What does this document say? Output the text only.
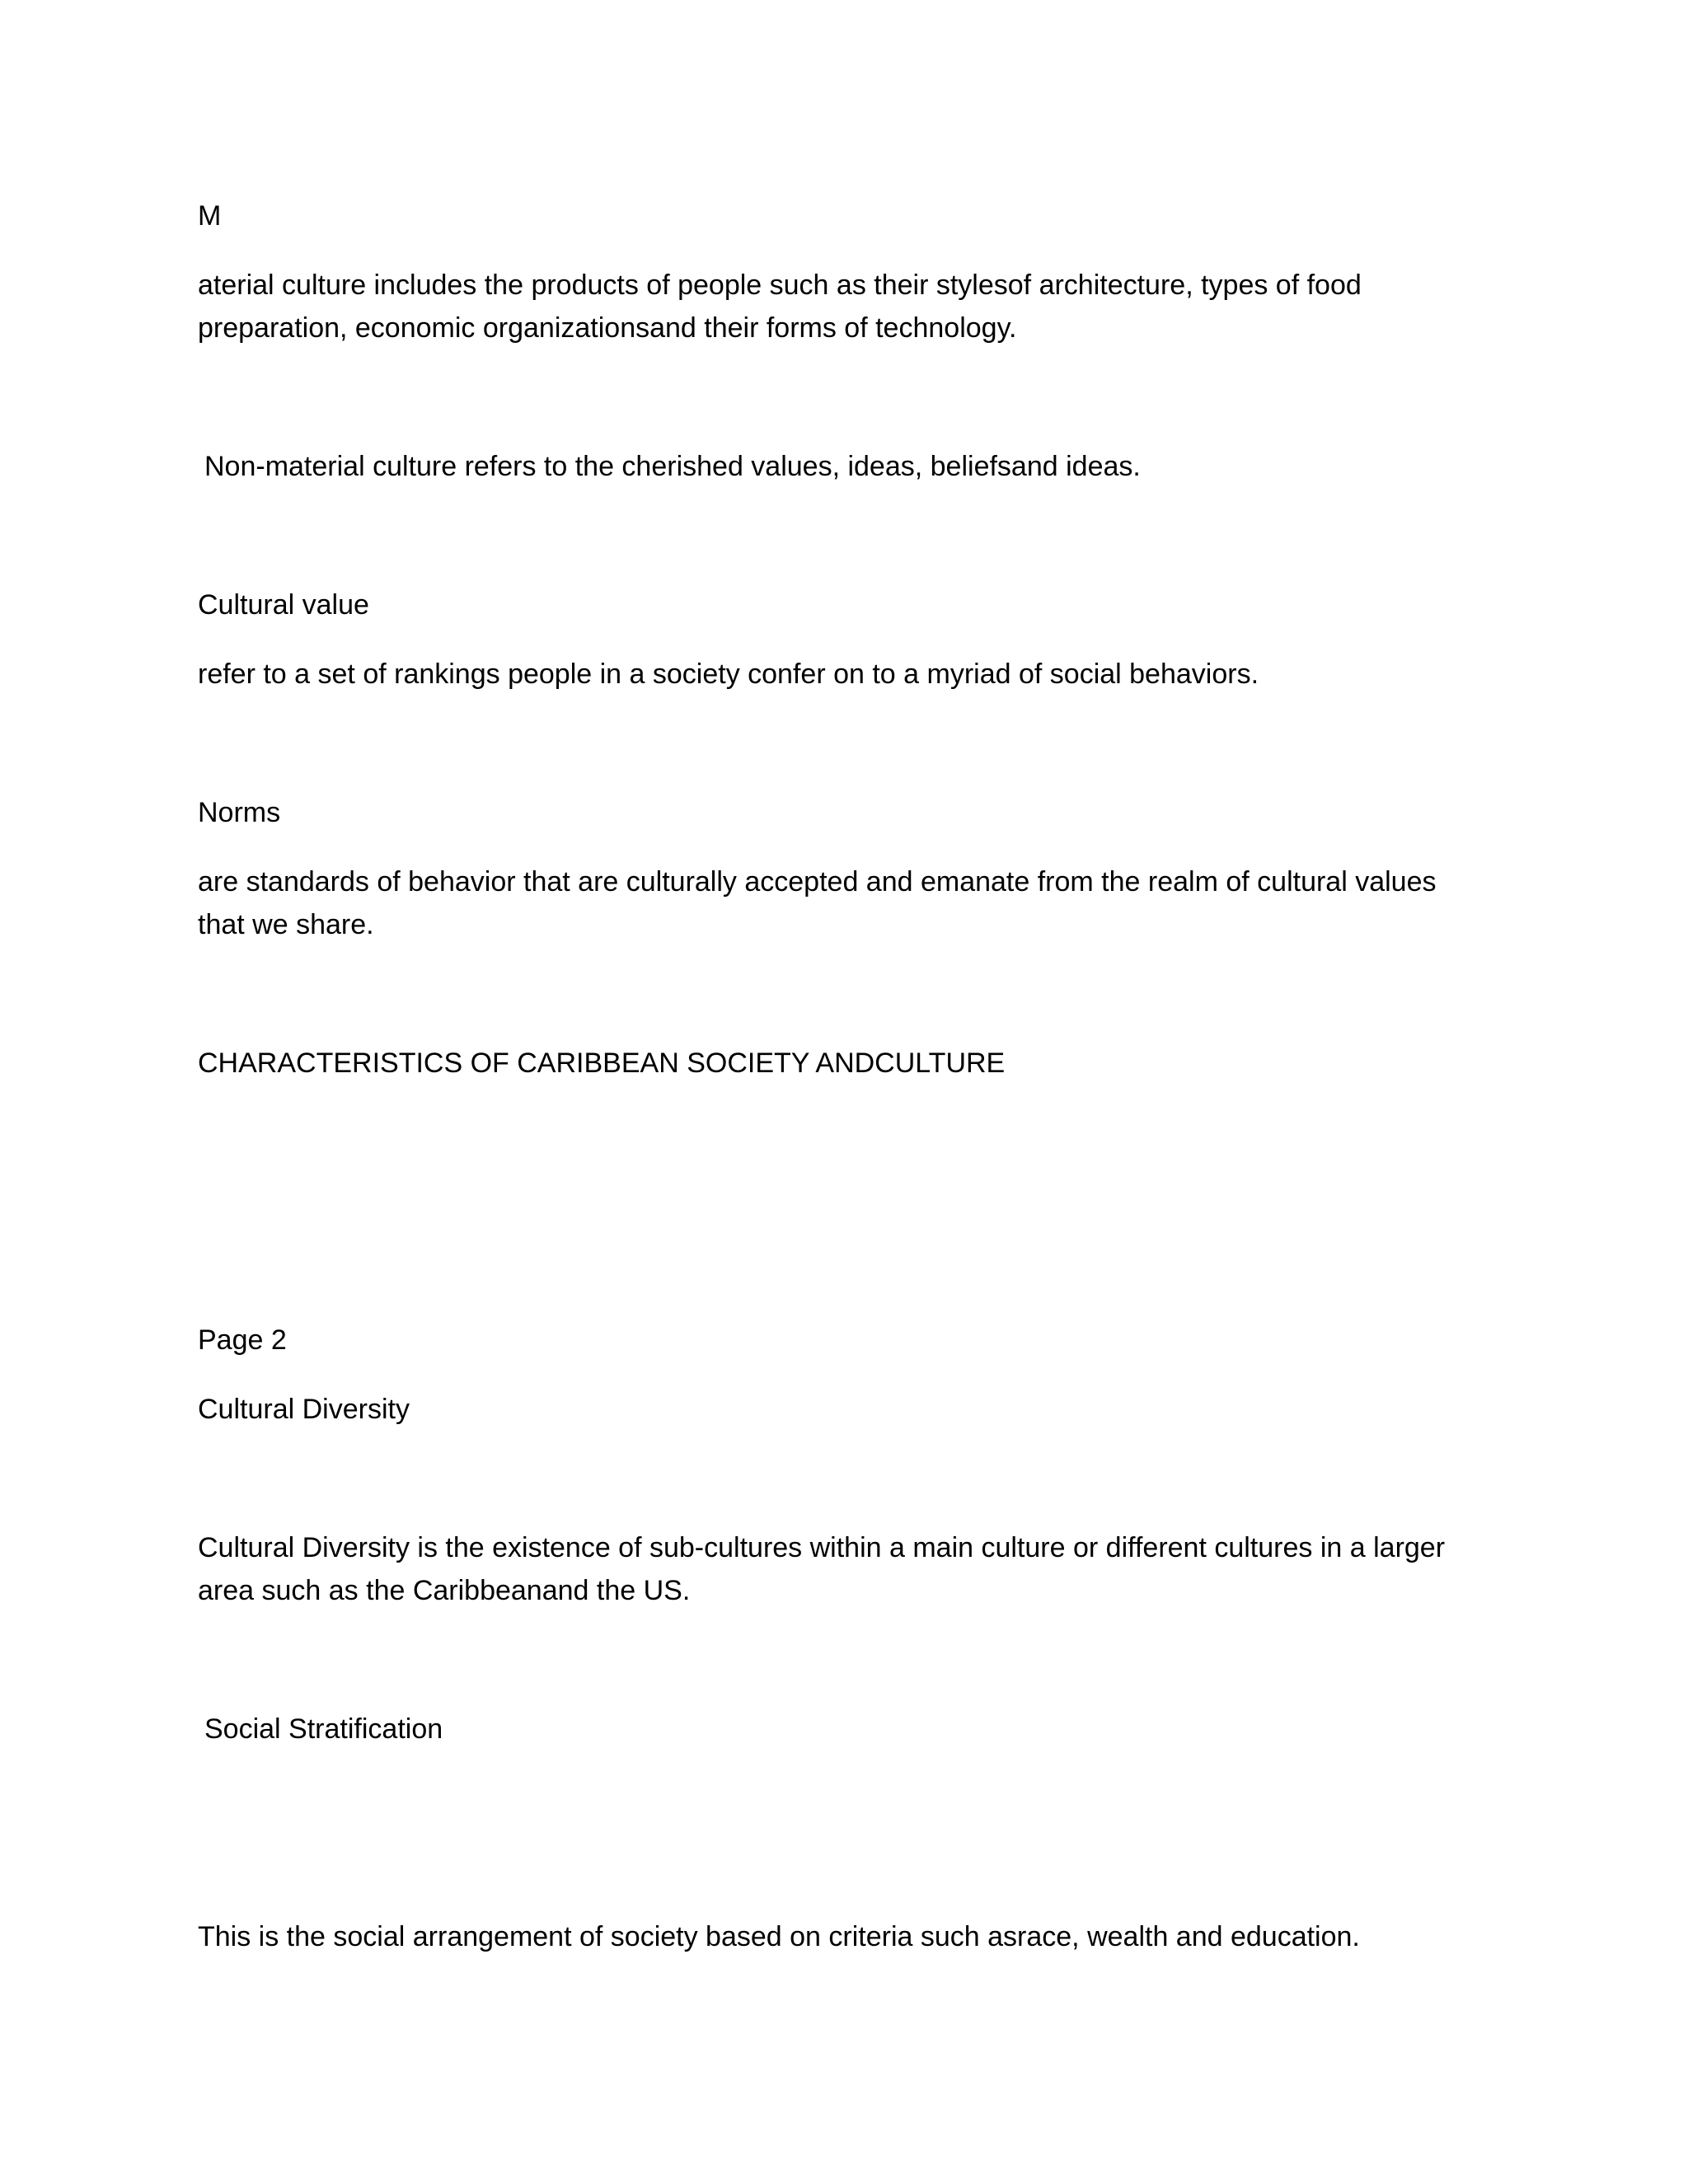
M

aterial culture includes the products of people such as their stylesof architecture, types of food

preparation, economic organizationsand their forms of technology.

Non-material culture refers to the cherished values, ideas, beliefsand ideas.

Cultural value

refer to a set of rankings people in a society confer on to a myriad of social behaviors.

Norms

are standards of behavior that are culturally accepted and emanate from the realm of cultural values

that we share.

CHARACTERISTICS OF CARIBBEAN SOCIETY ANDCULTURE

Page 2

Cultural Diversity

Cultural Diversity is the existence of sub-cultures within a main culture or different cultures in a larger

area such as the Caribbeanand the US.

Social Stratification

This is the social arrangement of society based on criteria such asrace, wealth and education.
